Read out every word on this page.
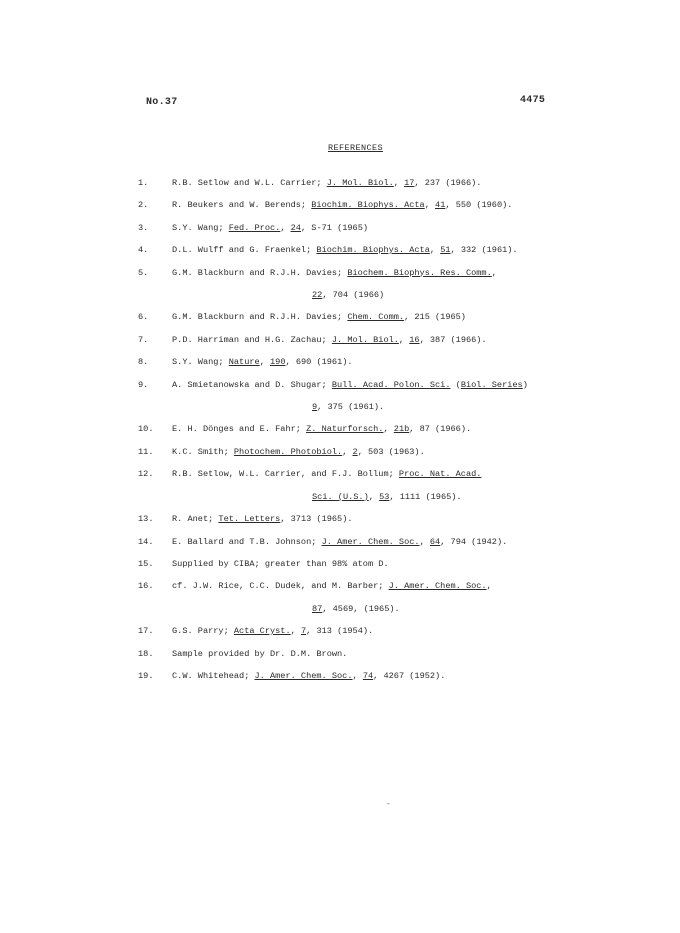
No.37	4475
REFERENCES
1.	R.B. Setlow and W.L. Carrier; J. Mol. Biol., 17, 237 (1966).
2.	R. Beukers and W. Berends; Biochim. Biophys. Acta, 41, 550 (1960).
3.	S.Y. Wang; Fed. Proc., 24, S-71 (1965)
4.	D.L. Wulff and G. Fraenkel; Biochim. Biophys. Acta, 51, 332 (1961).
5.	G.M. Blackburn and R.J.H. Davies; Biochem. Biophys. Res. Comm.,
22, 704 (1966)
6.	G.M. Blackburn and R.J.H. Davies; Chem. Comm., 215 (1965)
7.	P.D. Harriman and H.G. Zachau; J. Mol. Biol., 16, 387 (1966).
8.	S.Y. Wang; Nature, 190, 690 (1961).
9.	A. Smietanowska and D. Shugar; Bull. Acad. Polon. Sci. (Biol. Series)
9, 375 (1961).
10.	E. H. Dönges and E. Fahr; Z. Naturforsch., 21b, 87 (1966).
11.	K.C. Smith; Photochem. Photobiol., 2, 503 (1963).
12.	R.B. Setlow, W.L. Carrier, and F.J. Bollum; Proc. Nat. Acad.
Sci. (U.S.), 53, 1111 (1965).
13.	R. Anet; Tet. Letters, 3713 (1965).
14.	E. Ballard and T.B. Johnson; J. Amer. Chem. Soc., 64, 794 (1942).
15.	Supplied by CIBA; greater than 98% atom D.
16.	cf. J.W. Rice, C.C. Dudek, and M. Barber; J. Amer. Chem. Soc.,
87, 4569, (1965).
17.	G.S. Parry; Acta Cryst., 7, 313 (1954).
18.	Sample provided by Dr. D.M. Brown.
19.	C.W. Whitehead; J. Amer. Chem. Soc., 74, 4267 (1952).
-
